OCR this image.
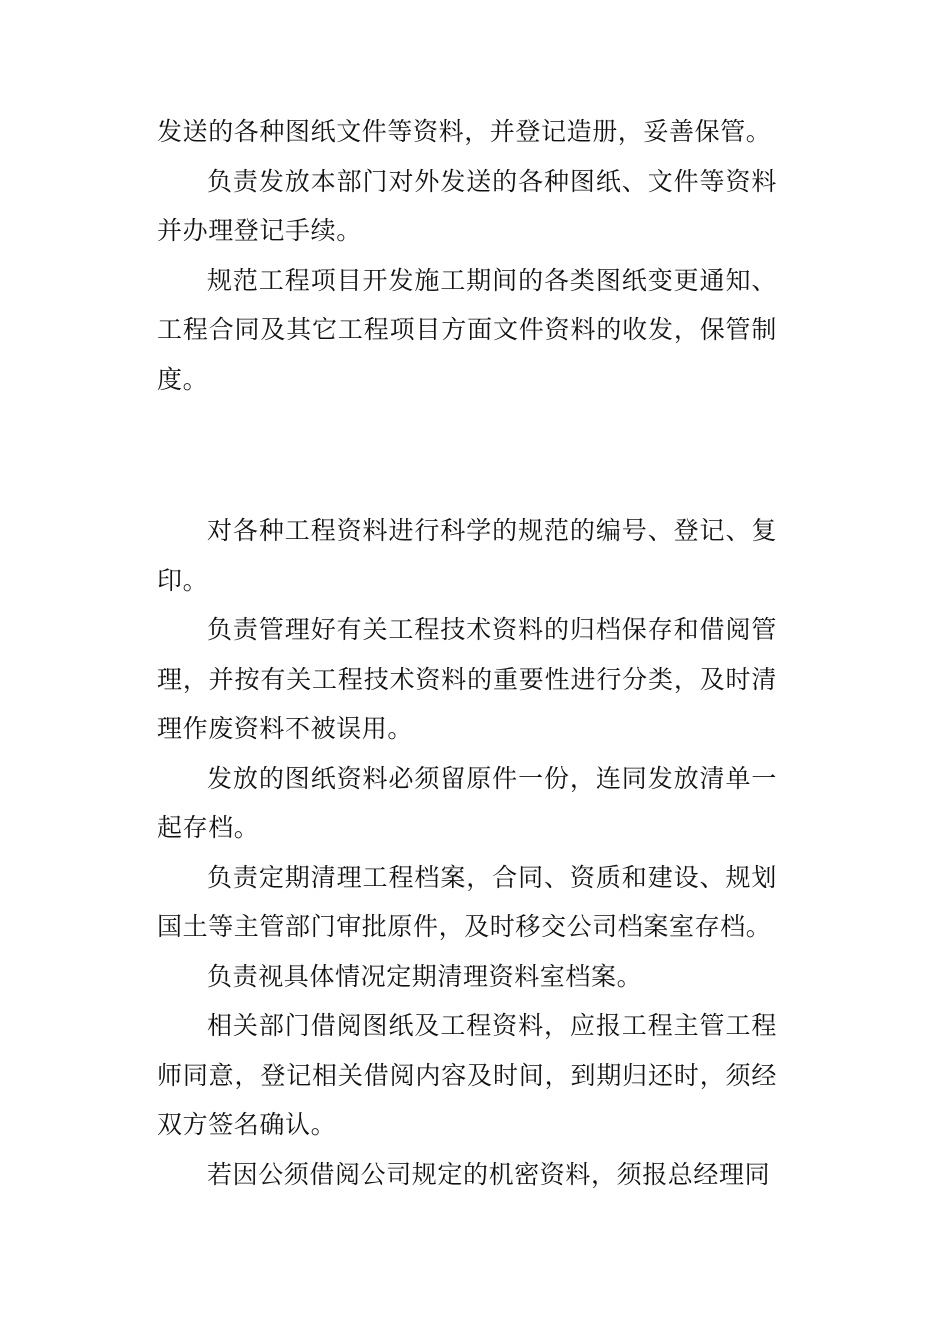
发送的各种图纸文件等资料，并登记造册，妥善保管。

负责发放本部门对外发送的各种图纸、文件等资料并办理登记手续。

规范工程项目开发施工期间的各类图纸变更通知、工程合同及其它工程项目方面文件资料的收发，保管制度。

对各种工程资料进行科学的规范的编号、登记、复印。

负责管理好有关工程技术资料的归档保存和借阅管理，并按有关工程技术资料的重要性进行分类，及时清理作废资料不被误用。

发放的图纸资料必须留原件一份，连同发放清单一起存档。

负责定期清理工程档案，合同、资质和建设、规划国土等主管部门审批原件，及时移交公司档案室存档。

负责视具体情况定期清理资料室档案。

相关部门借阅图纸及工程资料，应报工程主管工程师同意，登记相关借阅内容及时间，到期归还时，须经双方签名确认。

若因公须借阅公司规定的机密资料，须报总经理同
